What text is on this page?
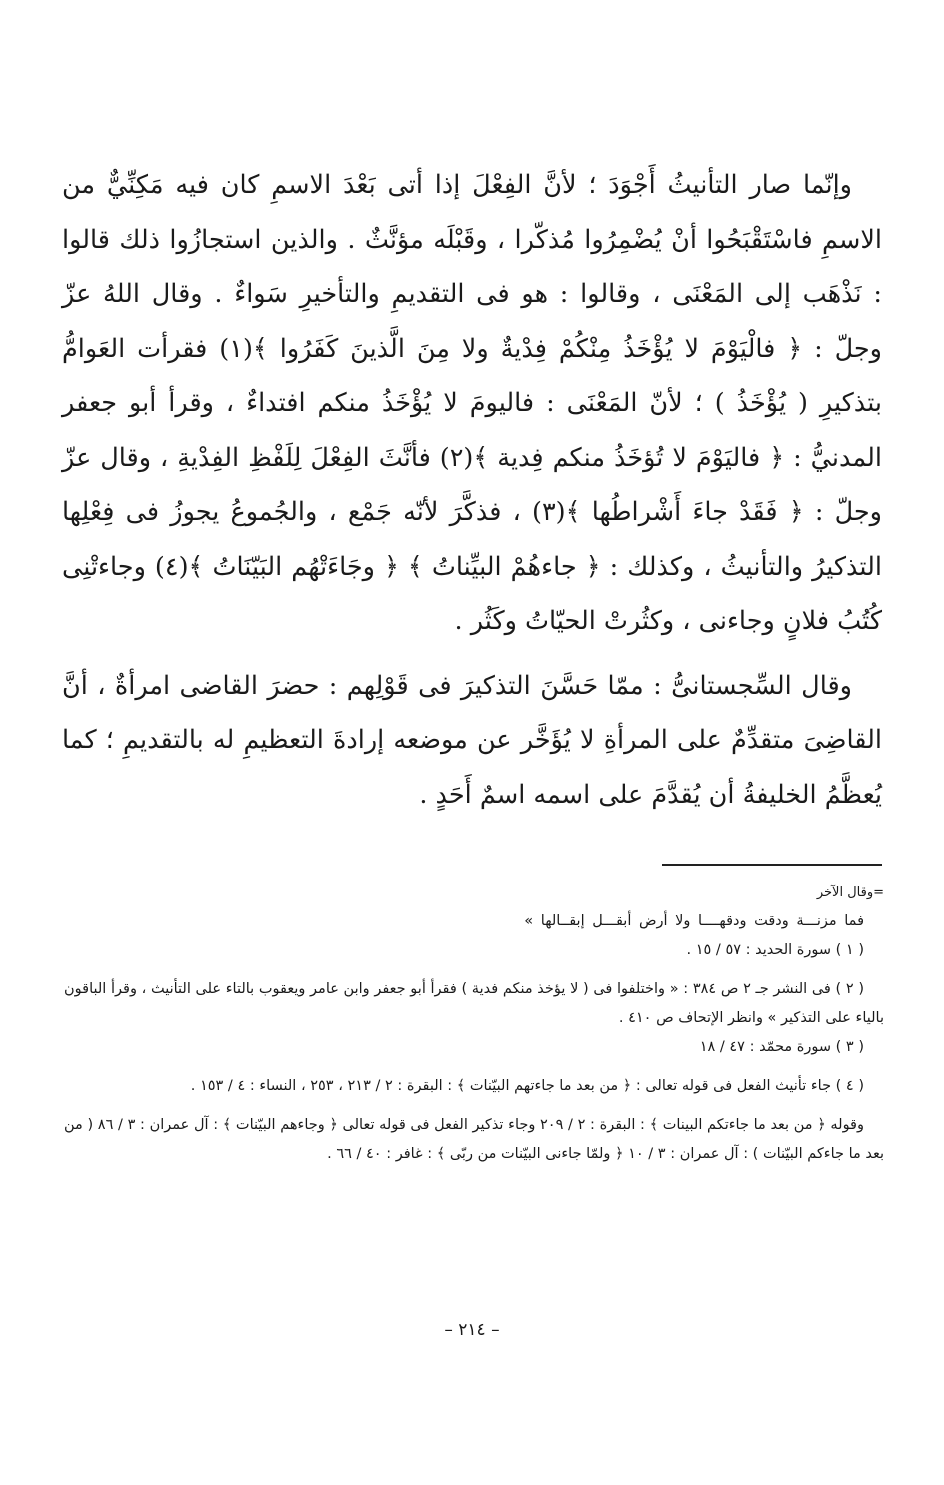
وإنّما صار التأنيثُ أَجْوَدَ ؛ لأنَّ الفِعْلَ إذا أتى بَعْدَ الاسمِ كان فيه مَكِنِّيٌّ من الاسمِ فاسْتَقْبَحُوا أنْ يُضْمِرُوا مُذكّرا ، وقَبْلَه مؤنَّثٌ . والذين استجازُوا ذلك قالوا : نَذْهَب إلى المَعْنَى ، وقالوا : هو فى التقديمِ والتأخيرِ سَواءٌ . وقال اللهُ عزّ وجلّ : ﴿ فالْيَوْمَ لا يُؤْخَذُ مِنْكُمْ فِدْيةٌ ولا مِنَ الَّذينَ كَفَرُوا ﴾(١) فقرأت العَوامُّ بتذكيرِ ( يُؤْخَذُ ) ؛ لأنّ المَعْنَى : فاليومَ لا يُؤْخَذُ منكم افتداءٌ ، وقرأ أبو جعفر المدنيُّ : ﴿ فاليَوْمَ لا تُؤخَذُ منكم فِدية ﴾(٢) فأنَّثَ الفِعْلَ لِلَفْظِ الفِدْيةِ ، وقال عزّ وجلّ : ﴿ فَقَدْ جاءَ أَشْراطُها ﴾(٣) ، فذكَّرَ لأنّه جَمْع ، والجُموعُ يجوزُ فى فِعْلِها التذكيرُ والتأنيثُ ، وكذلك : ﴿ جاءهُمْ البيِّناتُ ﴾ ﴿ وجَاءَتْهُم البَيّنَاتُ ﴾(٤) وجاءتْنِى كُتُبُ فلانٍ وجاءنى ، وكثُرتْ الحيّاتُ وكَثُر .

وقال السِّجستانىُّ : ممّا حَسَّنَ التذكيرَ فى قَوْلِهم : حضرَ القاضى امرأةٌ ، أنَّ القاضِىَ متقدِّمٌ على المرأةِ لا يُؤَخَّر عن موضعه إرادةَ التعظيمِ له بالتقديمِ ؛ كما يُعظَّمُ الخليفةُ أن يُقدَّمَ على اسمه اسمٌ أَحَدٍ .

=وقال الآخر

فما مزنـــة ودقت ودقهــــا ولا أرض أبقـــل إبقــالها »

( ١ ) سورة الحديد : ٥٧ / ١٥ .

( ٢ ) فى النشر جـ ٢ ص ٣٨٤ : « واختلفوا فى ( لا يؤخذ منكم فدية ) فقرأ أبو جعفر وابن عامر ويعقوب بالتاء على التأنيث ، وقرأ الباقون بالياء على التذكير » وانظر الإتحاف ص ٤١٠ .

( ٣ ) سورة محمّد : ٤٧ / ١٨

( ٤ ) جاء تأنيث الفعل فى قوله تعالى : ﴿ من بعد ما جاءتهم البيّنات ﴾ : البقرة : ٢ / ٢١٣ ، ٢٥٣ ، النساء : ٤ / ١٥٣ .

وقوله ﴿ من بعد ما جاءتكم البينات ﴾ : البقرة : ٢ / ٢٠٩ وجاء تذكير الفعل فى قوله تعالى ﴿ وجاءهم البيّنات ﴾ : آل عمران : ٣ / ٨٦ ( من بعد ما جاءكم البيّنات ) : آل عمران : ٣ / ١٠ ﴿ ولمّا جاءنى البيّنات من ربّى ﴾ : غافر : ٤٠ / ٦٦ .

– ٢١٤ –
